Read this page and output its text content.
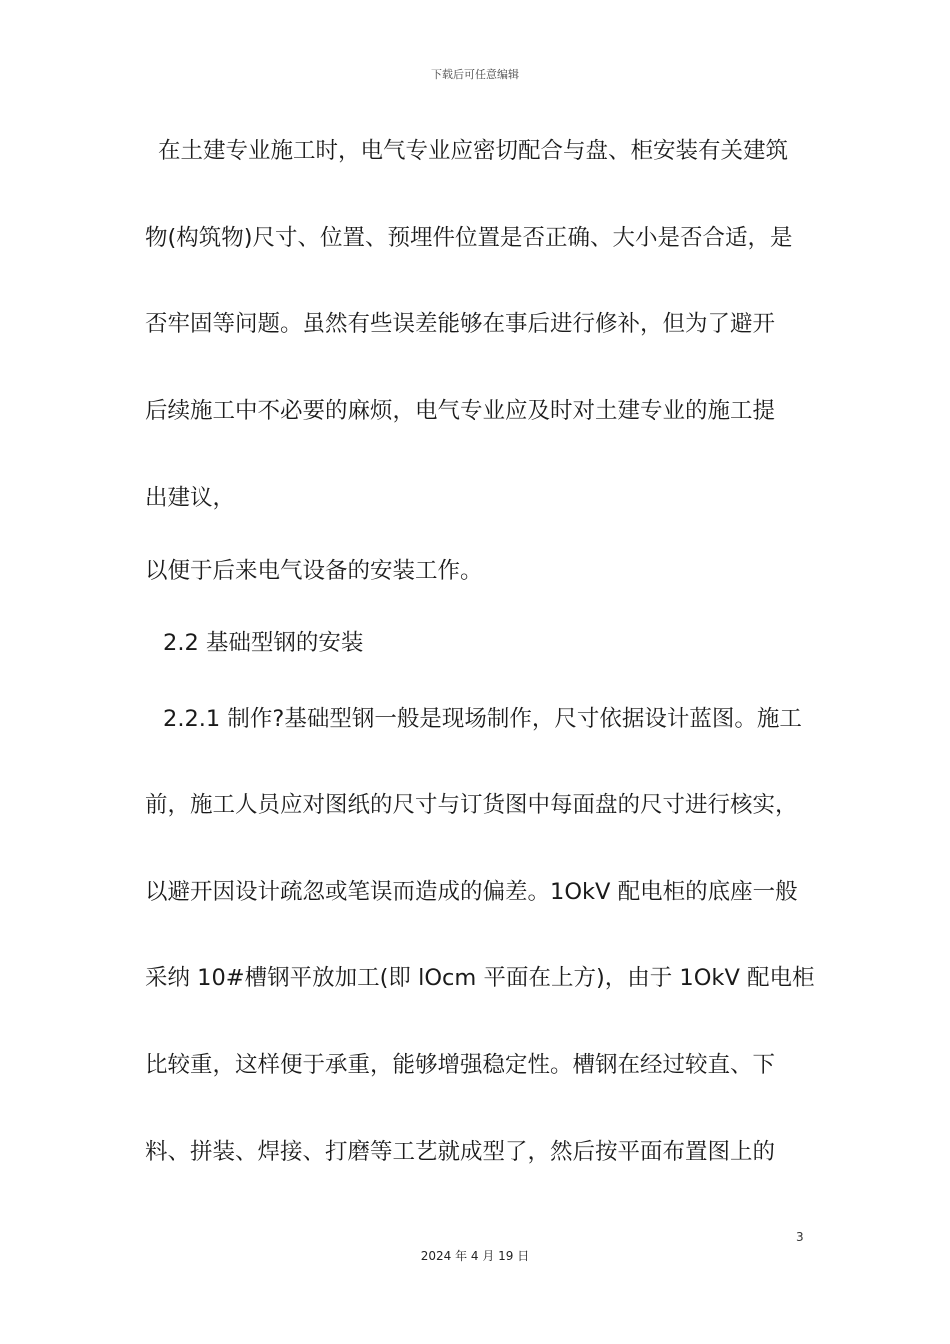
下载后可任意编辑
在土建专业施工时，电气专业应密切配合与盘、柜安装有关建筑
物(构筑物)尺寸、位置、预埋件位置是否正确、大小是否合适，是
否牢固等问题。虽然有些误差能够在事后进行修补，但为了避开
后续施工中不必要的麻烦，电气专业应及时对土建专业的施工提
出建议，
以便于后来电气设备的安装工作。
2.2 基础型钢的安装
2.2.1 制作?基础型钢一般是现场制作，尺寸依据设计蓝图。施工
前，施工人员应对图纸的尺寸与订货图中每面盘的尺寸进行核实，
以避开因设计疏忽或笔误而造成的偏差。1OkV 配电柜的底座一般
采纳 10#槽钢平放加工(即 lOcm 平面在上方)，由于 1OkV 配电柜
比较重，这样便于承重，能够增强稳定性。槽钢在经过较直、下
料、拼装、焊接、打磨等工艺就成型了，然后按平面布置图上的
3
2024 年 4 月 19 日
